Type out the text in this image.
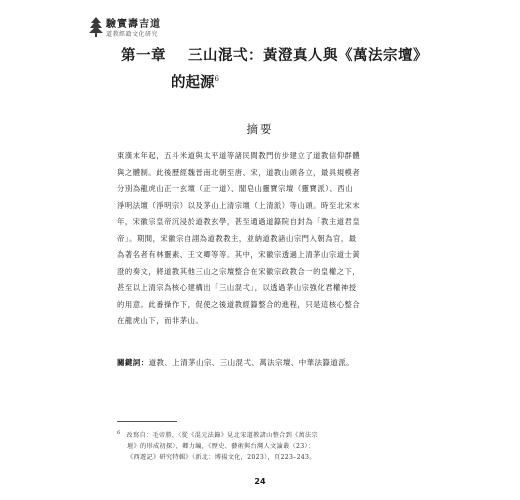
驗實壽吉道
道教經籍文化研究
第一章 三山混弌：黃澄真人與《萬法宗壇》
的起源$^6$
摘要
東漢末年起，五斗米道與太平道等諸民間教門仿步建立了道教信仰群體
與之體制。此後歷經魏晉南北朝至唐、宋，道教山頭各立，最具規模者
分別為龍虎山正一玄壇（正一道）、閣皂山靈寶宗壇（靈寶派）、西山
淨明法壇（淨明宗）以及茅山上清宗壇（上清派）等山頭。時至北宋末
年，宋徽宗皇帝沉浸於道教玄學，甚至通過道籙院自封為「教主道君皇
帝」。期間，宋徽宗自詡為道教教主，並納道教諸山宗門入朝為官，最
為著名者有林靈素、王文卿等等。其中，宋徽宗透過上清茅山宗道士黃
澄的奏文，將道教其他三山之宗壇整合在宋徽宗政教合一的皇權之下，
甚至以上清宗為核心建構出「三山混弌」，以透過茅山宗強化君權神授
的用意。此番操作下，促使之後道教經籙整合的進程，只是這核心整合
在龍虎山下，而非茅山。
關鍵詞：道教、上清茅山宗、三山混弌、萬法宗壇、中華法籙道派。
$^6$ 改寫自：毛帝勝，〈從《混元法籙》見北宋道教諸山整合到《萬法宗
壇》的形成初探〉，卿力編，《歷史、藝術與台灣人文論叢（23）：
《西遊記》研究特輯》（新北：博揚文化，2023），頁223–243。
24
